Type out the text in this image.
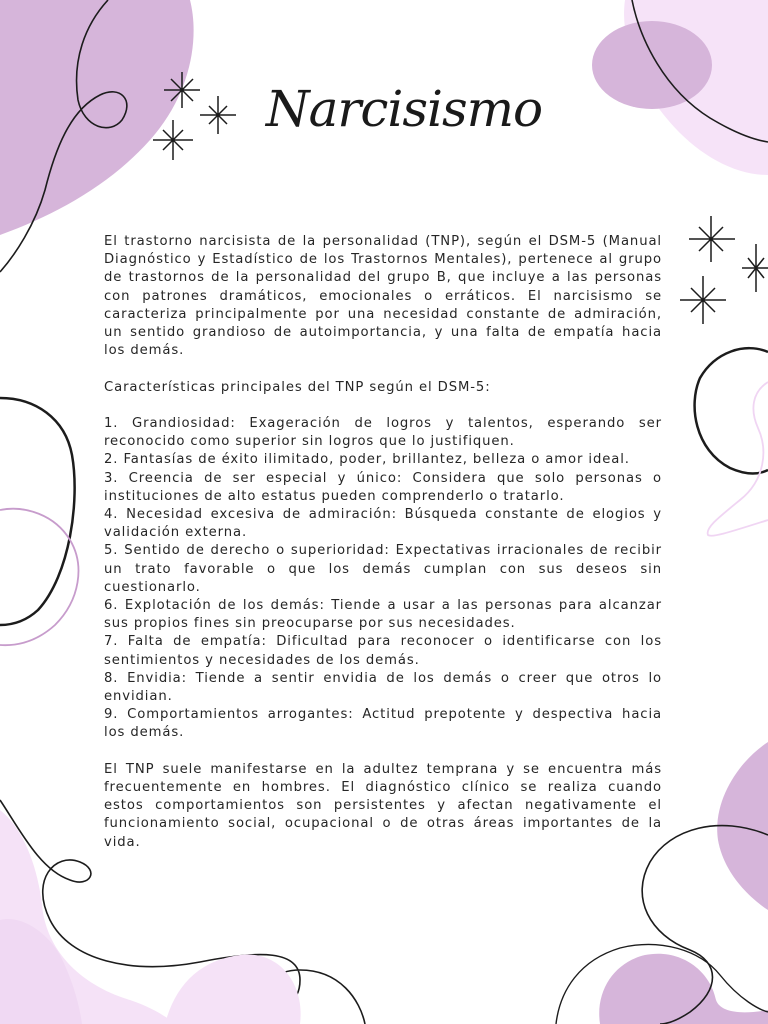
Narcisismo

El trastorno narcisista de la personalidad (TNP), según el DSM-5 (Manual Diagnóstico y Estadístico de los Trastornos Mentales), pertenece al grupo de trastornos de la personalidad del grupo B, que incluye a las personas con patrones dramáticos, emocionales o erráticos. El narcisismo se caracteriza principalmente por una necesidad constante de admiración, un sentido grandioso de autoimportancia, y una falta de empatía hacia los demás.

Características principales del TNP según el DSM-5:

1. Grandiosidad: Exageración de logros y talentos, esperando ser reconocido como superior sin logros que lo justifiquen.

2. Fantasías de éxito ilimitado, poder, brillantez, belleza o amor ideal.

3. Creencia de ser especial y único: Considera que solo personas o instituciones de alto estatus pueden comprenderlo o tratarlo.

4. Necesidad excesiva de admiración: Búsqueda constante de elogios y validación externa.

5. Sentido de derecho o superioridad: Expectativas irracionales de recibir un trato favorable o que los demás cumplan con sus deseos sin cuestionarlo.

6. Explotación de los demás: Tiende a usar a las personas para alcanzar sus propios fines sin preocuparse por sus necesidades.

7. Falta de empatía: Dificultad para reconocer o identificarse con los sentimientos y necesidades de los demás.

8. Envidia: Tiende a sentir envidia de los demás o creer que otros lo envidian.

9. Comportamientos arrogantes: Actitud prepotente y despectiva hacia los demás.

El TNP suele manifestarse en la adultez temprana y se encuentra más frecuentemente en hombres. El diagnóstico clínico se realiza cuando estos comportamientos son persistentes y afectan negativamente el funcionamiento social, ocupacional o de otras áreas importantes de la vida.
